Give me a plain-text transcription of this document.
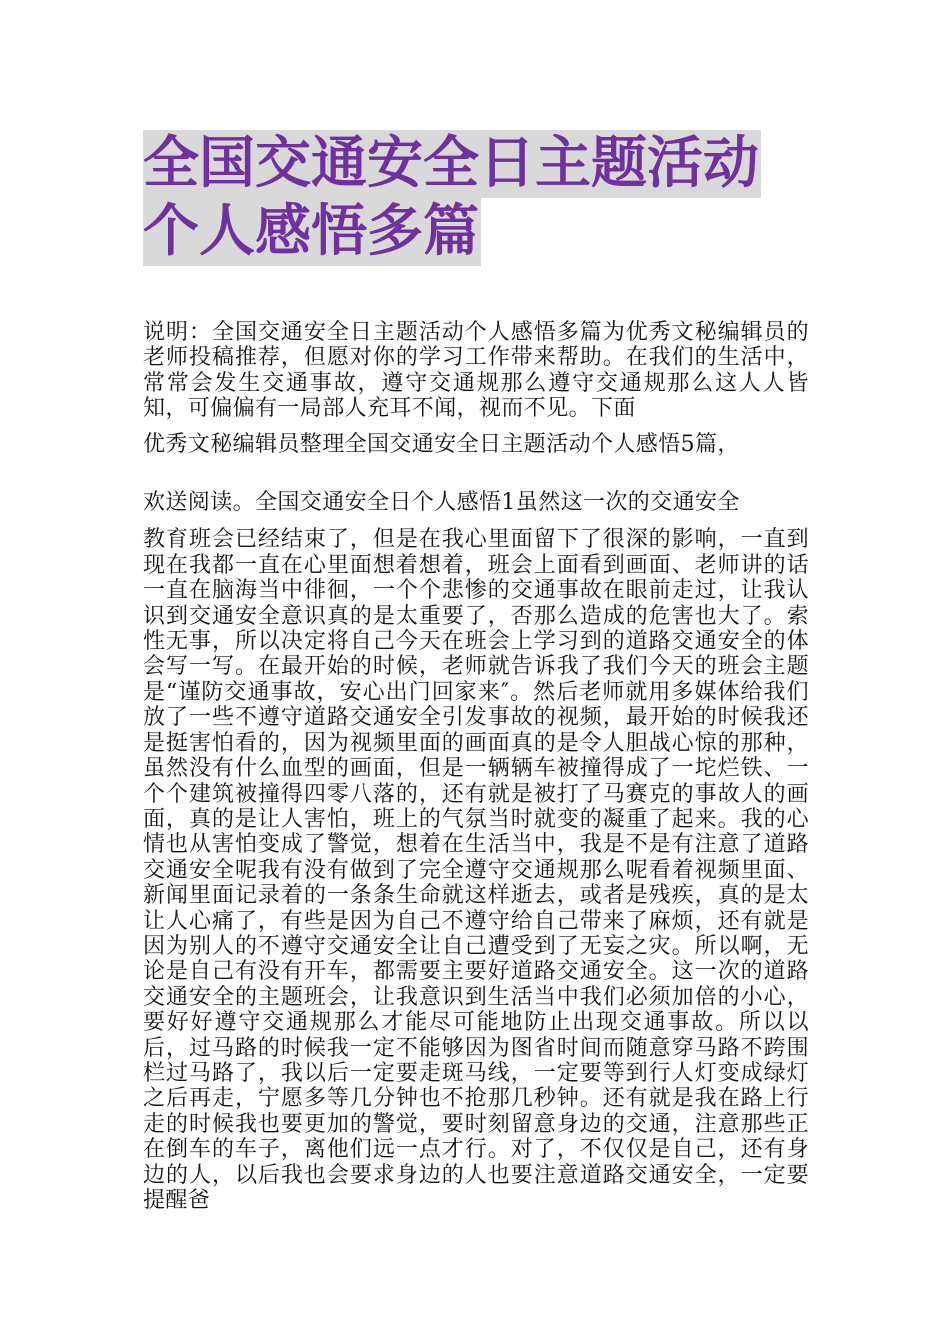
全国交通安全日主题活动
个人感悟多篇

说明：全国交通安全日主题活动个人感悟多篇为优秀文秘编辑员的老师投稿推荐，但愿对你的学习工作带来帮助。在我们的生活中，常常会发生交通事故，遵守交通规那么遵守交通规那么这人人皆知，可偏偏有一局部人充耳不闻，视而不见。下面

优秀文秘编辑员整理全国交通安全日主题活动个人感悟5篇，

欢送阅读。全国交通安全日个人感悟1虽然这一次的交通安全

教育班会已经结束了，但是在我心里面留下了很深的影响，一直到现在我都一直在心里面想着想着，班会上面看到画面、老师讲的话一直在脑海当中徘徊，一个个悲惨的交通事故在眼前走过，让我认识到交通安全意识真的是太重要了，否那么造成的危害也大了。索性无事，所以决定将自己今天在班会上学习到的道路交通安全的体会写一写。在最开始的时候，老师就告诉我了我们今天的班会主题是“谨防交通事故，安心出门回家来″。然后老师就用多媒体给我们放了一些不遵守道路交通安全引发事故的视频，最开始的时候我还是挺害怕看的，因为视频里面的画面真的是令人胆战心惊的那种，虽然没有什么血型的画面，但是一辆辆车被撞得成了一坨烂铁、一个个建筑被撞得四零八落的，还有就是被打了马赛克的事故人的画面，真的是让人害怕，班上的气氛当时就变的凝重了起来。我的心情也从害怕变成了警觉，想着在生活当中，我是不是有注意了道路交通安全呢我有没有做到了完全遵守交通规那么呢看着视频里面、新闻里面记录着的一条条生命就这样逝去，或者是残疾，真的是太让人心痛了，有些是因为自己不遵守给自己带来了麻烦，还有就是因为别人的不遵守交通安全让自己遭受到了无妄之灾。所以啊，无论是自己有没有开车，都需要主要好道路交通安全。这一次的道路交通安全的主题班会，让我意识到生活当中我们必须加倍的小心，要好好遵守交通规那么才能尽可能地防止出现交通事故。所以以后，过马路的时候我一定不能够因为图省时间而随意穿马路不跨围栏过马路了，我以后一定要走斑马线，一定要等到行人灯变成绿灯之后再走，宁愿多等几分钟也不抢那几秒钟。还有就是我在路上行走的时候我也要更加的警觉，要时刻留意身边的交通，注意那些正在倒车的车子，离他们远一点才行。对了，不仅仅是自己，还有身边的人，以后我也会要求身边的人也要注意道路交通安全，一定要提醒爸
